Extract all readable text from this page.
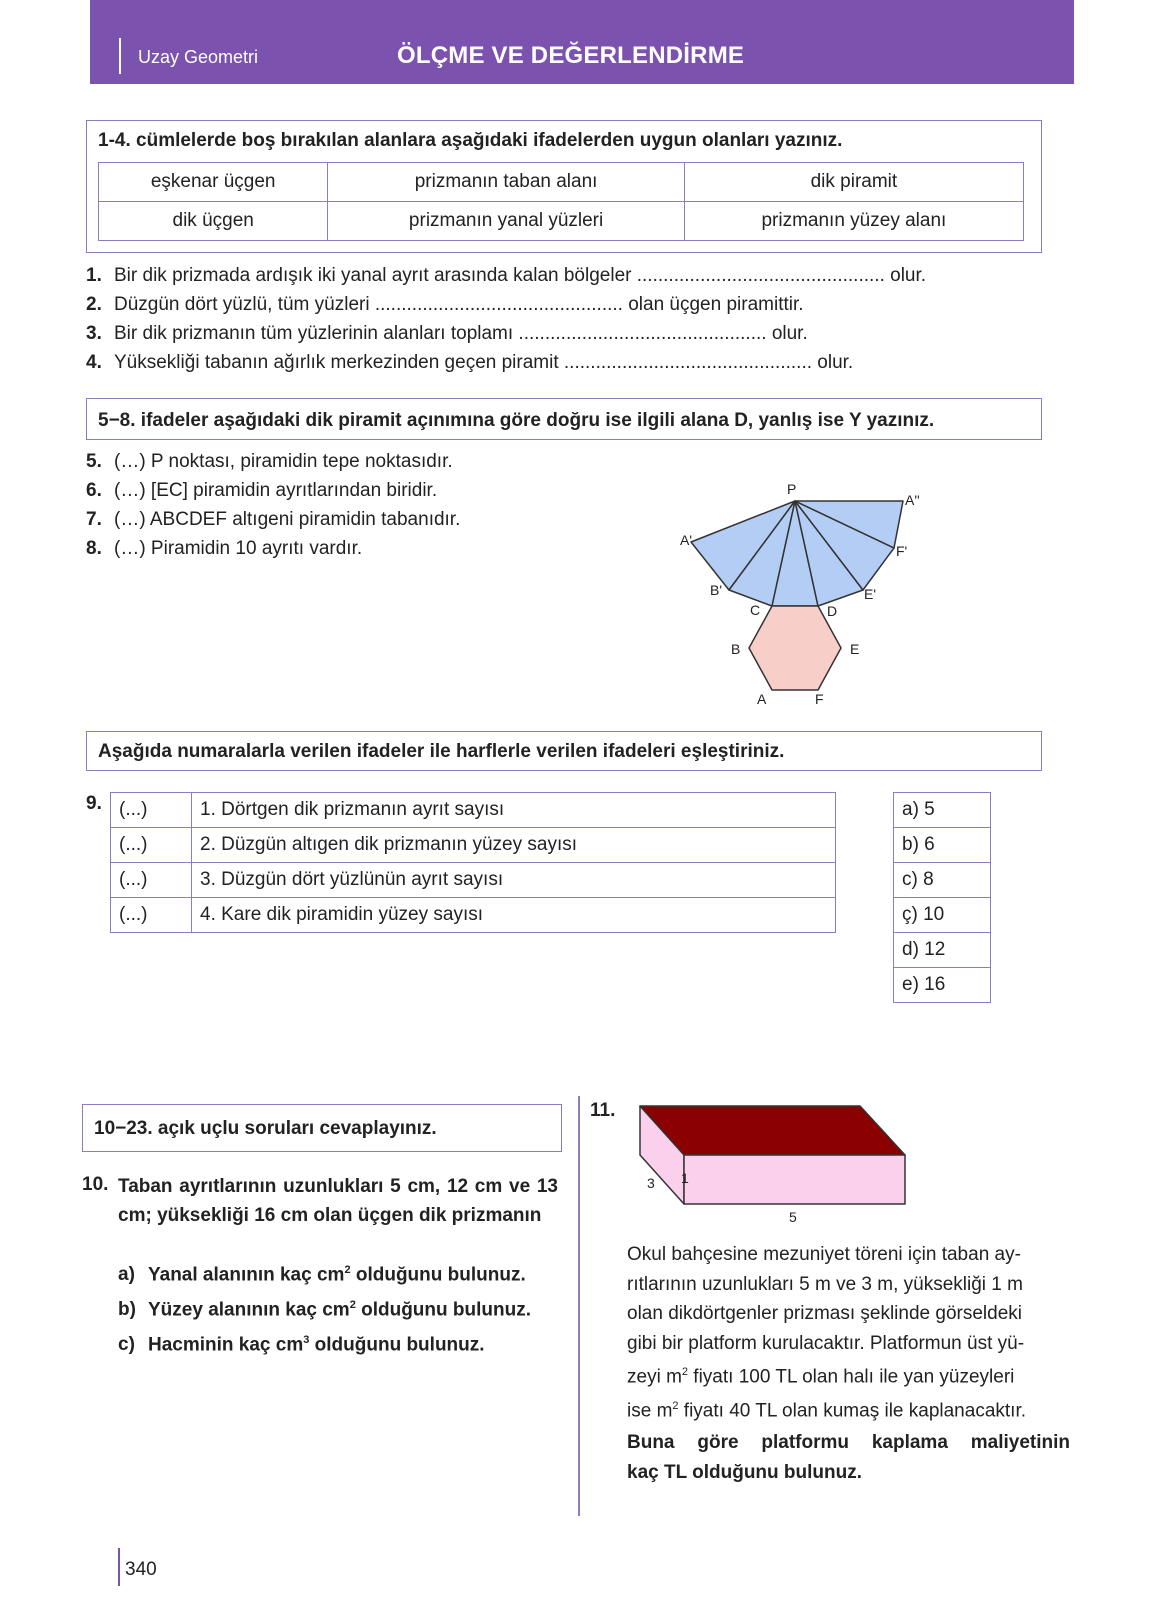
Uzay Geometri	ÖLÇME VE DEĞERLENDİRME
1-4. cümlelerde boş bırakılan alanlara aşağıdaki ifadelerden uygun olanları yazınız.
eşkenar üçgen	prizmanın taban alanı	dik piramit
dik üçgen	prizmanın yanal yüzleri	prizmanın yüzey alanı
1. Bir dik prizmada ardışık iki yanal ayrıt arasında kalan bölgeler ............................................... olur.
2. Düzgün dört yüzlü, tüm yüzleri ............................................... olan üçgen piramittir.
3. Bir dik prizmanın tüm yüzlerinin alanları toplamı ............................................... olur.
4. Yüksekliği tabanın ağırlık merkezinden geçen piramit ............................................... olur.
5−8. ifadeler aşağıdaki dik piramit açınımına göre doğru ise ilgili alana D, yanlış ise Y yazınız.
5. (…) P noktası, piramidin tepe noktasıdır.
6. (…) [EC] piramidin ayrıtlarından biridir.
7. (…) ABCDEF altıgeni piramidin tabanıdır.
8. (…) Piramidin 10 ayrıtı vardır.
P
A''
A'
F'
B'	E'
C	D
B	E
A	F
Aşağıda numaralarla verilen ifadeler ile harflerle verilen ifadeleri eşleştiriniz.
9. (...)	1. Dörtgen dik prizmanın ayrıt sayısı
(...)	2. Düzgün altıgen dik prizmanın yüzey sayısı
(...)	3. Düzgün dört yüzlünün ayrıt sayısı
(...)	4. Kare dik piramidin yüzey sayısı
a) 5
b) 6
c) 8
ç) 10
d) 12
e) 16
10−23. açık uçlu soruları cevaplayınız.
10. Taban ayrıtlarının uzunlukları 5 cm, 12 cm ve 13 cm; yüksekliği 16 cm olan üçgen dik prizmanın
a) Yanal alanının kaç $cm^2$ olduğunu bulunuz.
b) Yüzey alanının kaç $cm^2$ olduğunu bulunuz.
c) Hacminin kaç $cm^3$ olduğunu bulunuz.
11.
3 1
5
Okul bahçesine mezuniyet töreni için taban ay-
rıtlarının uzunlukları 5 m ve 3 m, yüksekliği 1 m
olan dikdörtgenler prizması şeklinde görseldeki
gibi bir platform kurulacaktır. Platformun üst yü-
zeyi $m^2$ fiyatı 100 TL olan halı ile yan yüzeyleri
ise $m^2$ fiyatı 40 TL olan kumaş ile kaplanacaktır.
Buna göre platformu kaplama maliyetinin
kaç TL olduğunu bulunuz.
340
